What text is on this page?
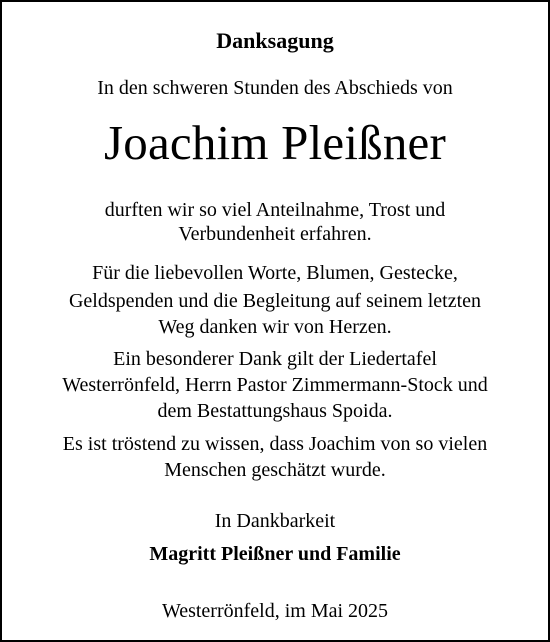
Danksagung
In den schweren Stunden des Abschieds von
Joachim Pleißner
durften wir so viel Anteilnahme, Trost und
Verbundenheit erfahren.
Für die liebevollen Worte, Blumen, Gestecke,
Geldspenden und die Begleitung auf seinem letzten
Weg danken wir von Herzen.
Ein besonderer Dank gilt der Liedertafel
Westerrönfeld, Herrn Pastor Zimmermann-Stock und
dem Bestattungshaus Spoida.
Es ist tröstend zu wissen, dass Joachim von so vielen
Menschen geschätzt wurde.
In Dankbarkeit
Magritt Pleißner und Familie
Westerrönfeld, im Mai 2025
